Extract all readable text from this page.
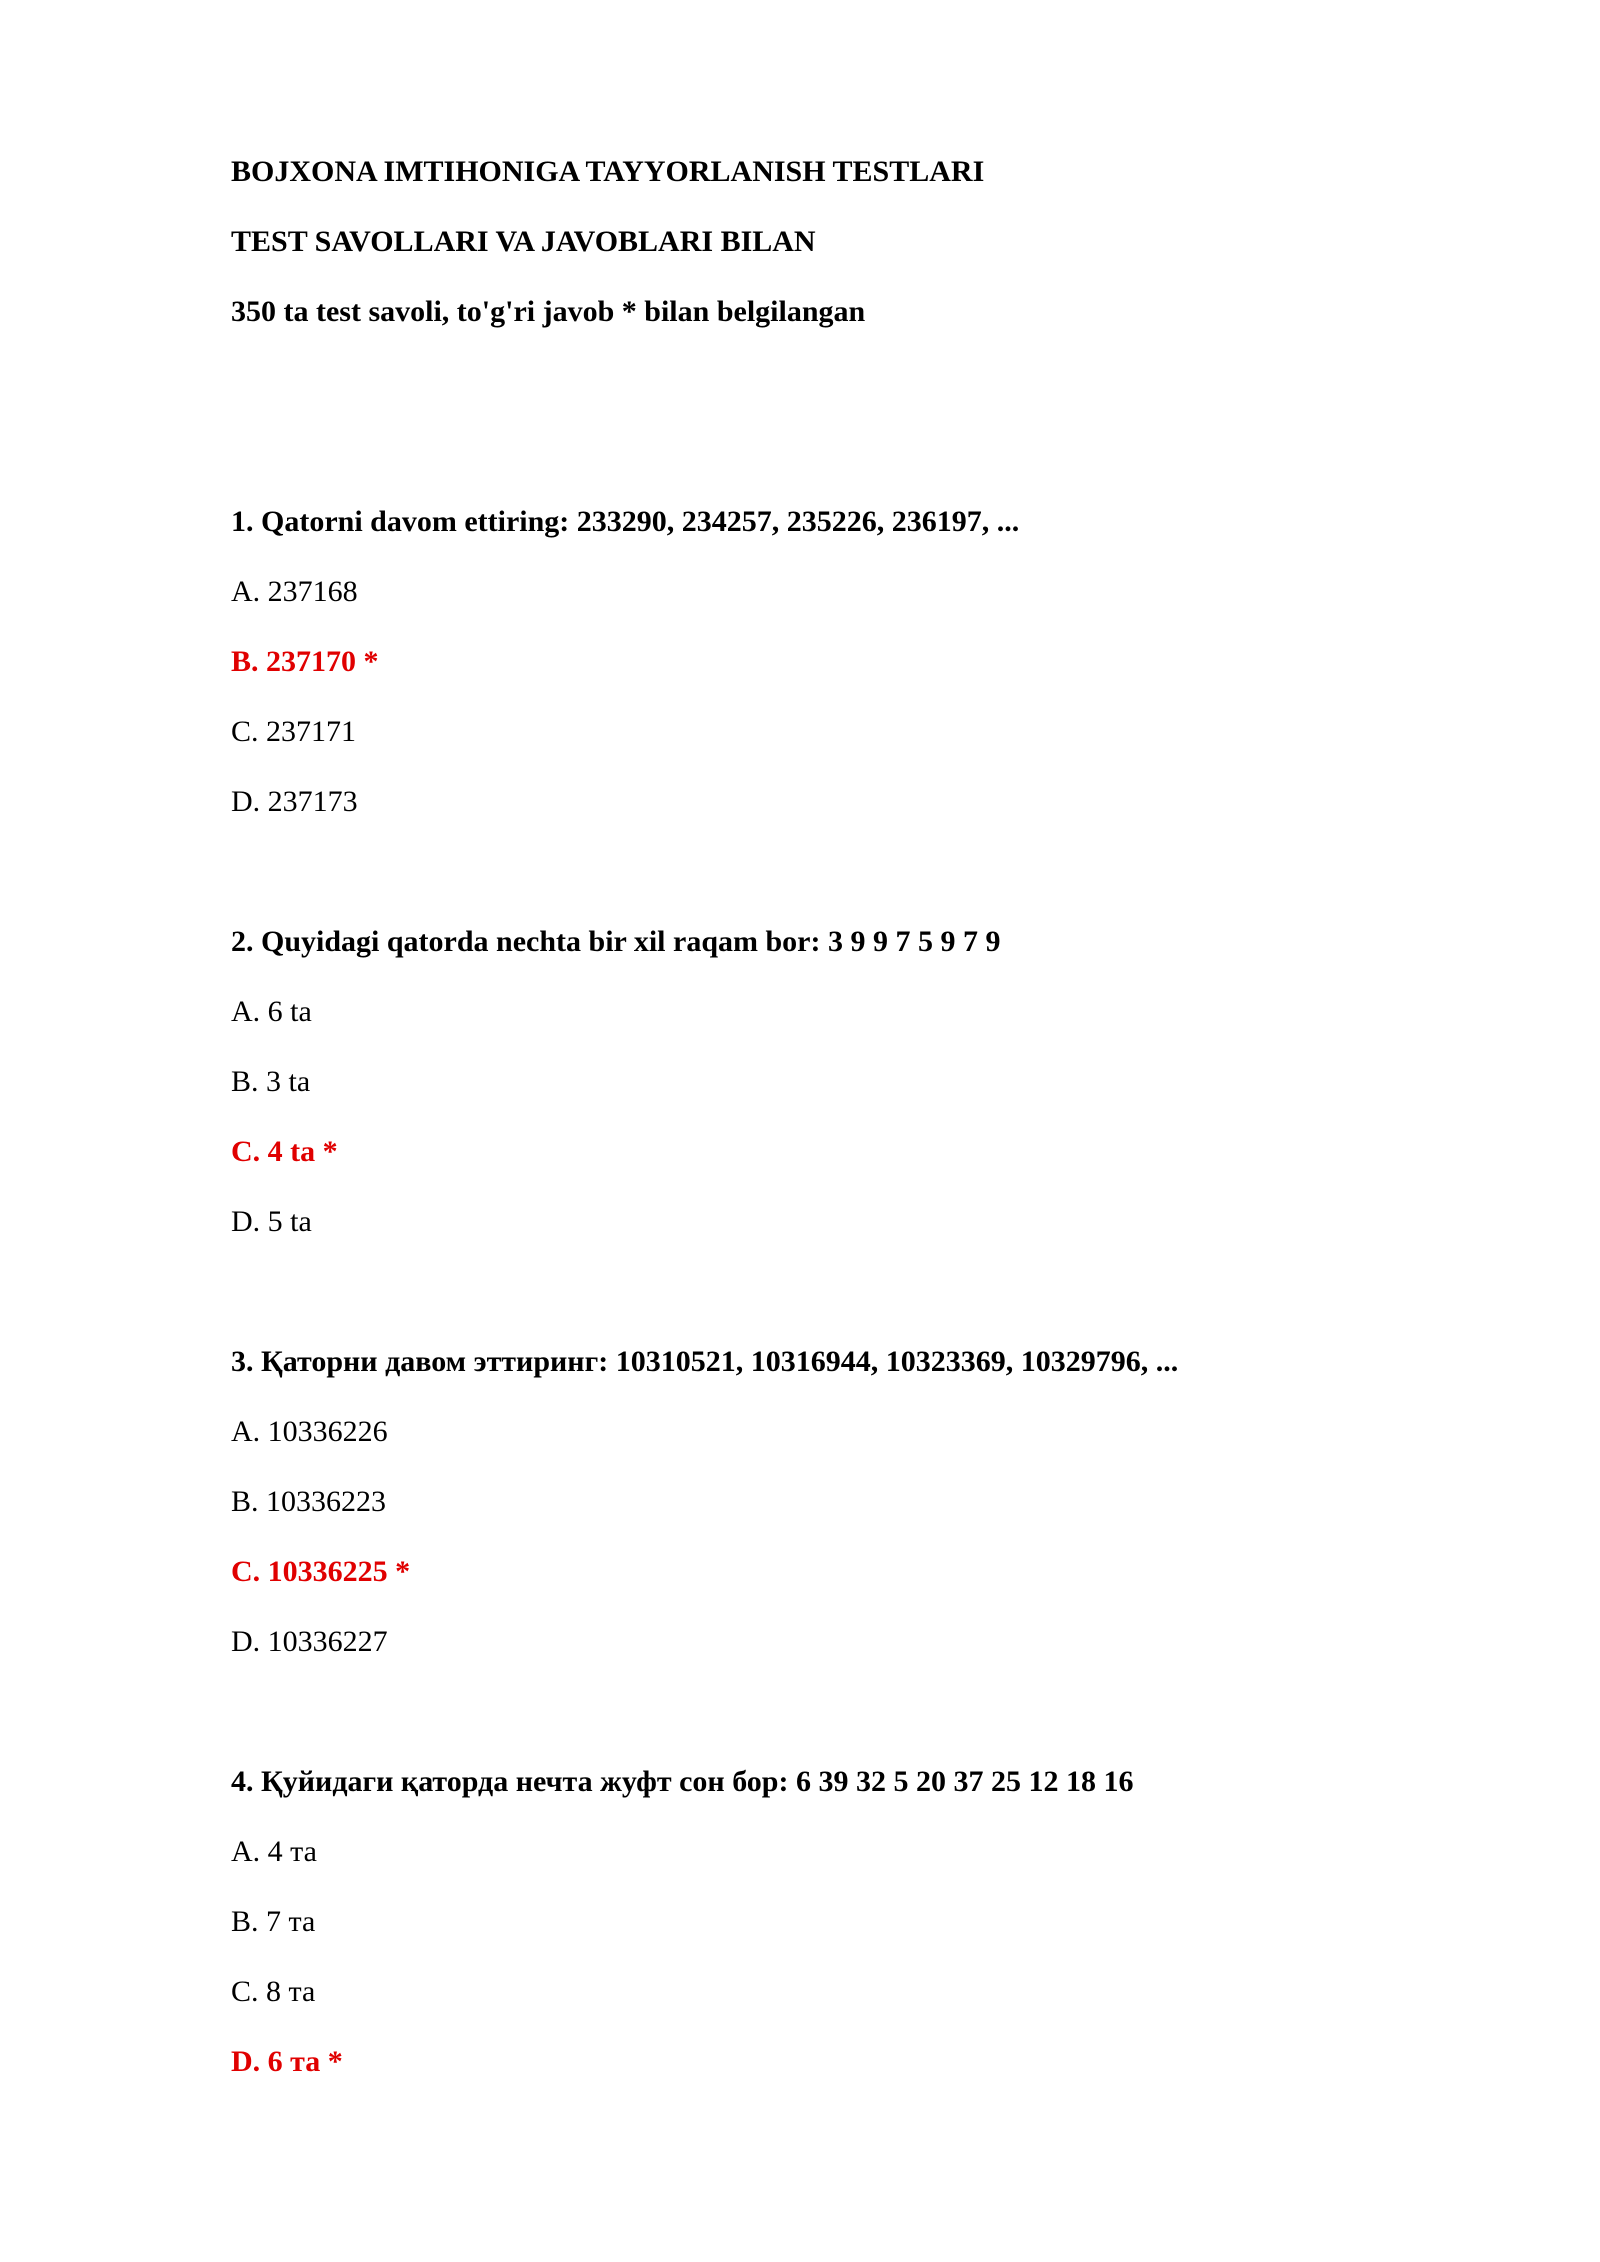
BOJXONA IMTIHONIGA TAYYORLANISH TESTLARI
TEST SAVOLLARI VA JAVOBLARI BILAN
350 ta test savoli, to'g'ri javob * bilan belgilangan
1. Qatorni davom ettiring: 233290, 234257, 235226, 236197, ...
A. 237168
B. 237170 *
C. 237171
D. 237173
2. Quyidagi qatorda nechta bir xil raqam bor: 3 9 9 7 5 9 7 9
A. 6 ta
B. 3 ta
C. 4 ta *
D. 5 ta
3. Қаторни давом эттиринг: 10310521, 10316944, 10323369, 10329796, ...
A. 10336226
B. 10336223
C. 10336225 *
D. 10336227
4. Қуйидаги қаторда нечта жуфт сон бор: 6 39 32 5 20 37 25 12 18 16
A. 4 та
B. 7 та
C. 8 та
D. 6 та *
